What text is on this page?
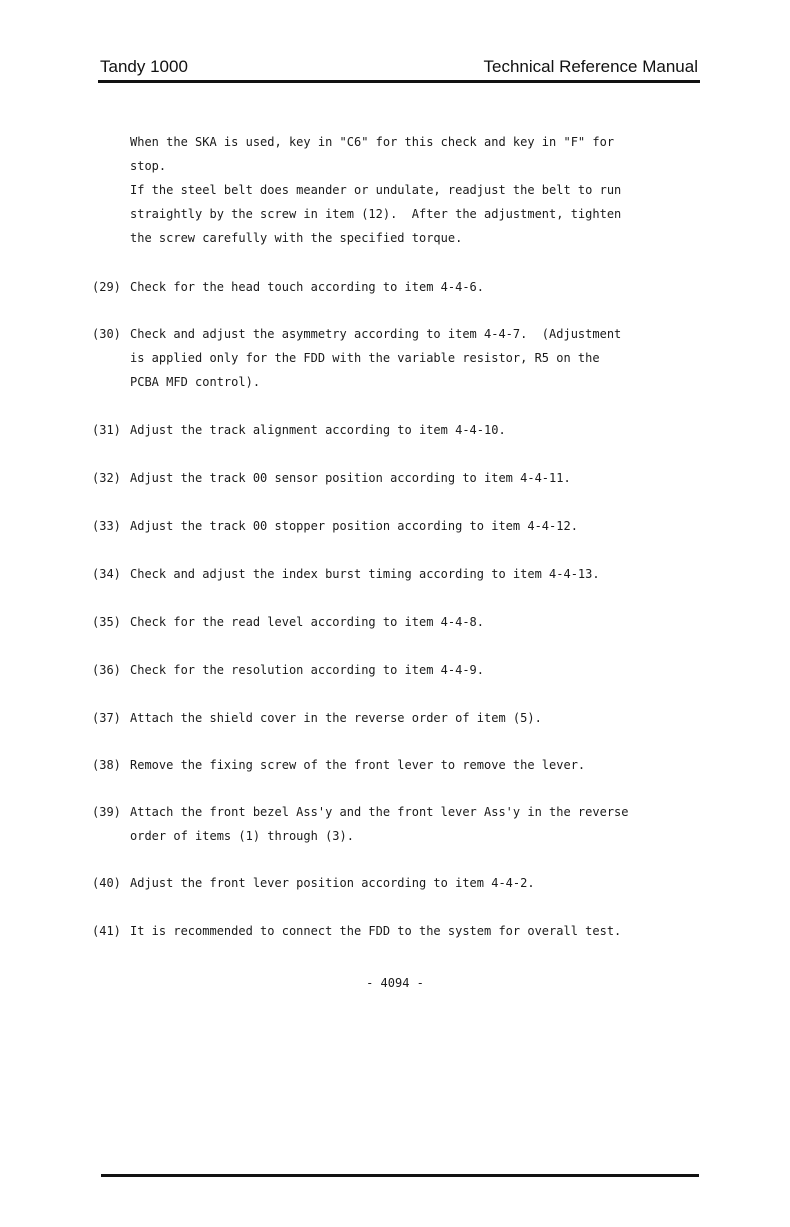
Tandy 1000	Technical Reference Manual
When the SKA is used, key in "C6" for this check and key in "F" for
stop.
If the steel belt does meander or undulate, readjust the belt to run
straightly by the screw in item (12).  After the adjustment, tighten
the screw carefully with the specified torque.
(29) Check for the head touch according to item 4-4-6.
(30) Check and adjust the asymmetry according to item 4-4-7.  (Adjustment
is applied only for the FDD with the variable resistor, R5 on the
PCBA MFD control).
(31) Adjust the track alignment according to item 4-4-10.
(32) Adjust the track 00 sensor position according to item 4-4-11.
(33) Adjust the track 00 stopper position according to item 4-4-12.
(34) Check and adjust the index burst timing according to item 4-4-13.
(35) Check for the read level according to item 4-4-8.
(36) Check for the resolution according to item 4-4-9.
(37) Attach the shield cover in the reverse order of item (5).
(38) Remove the fixing screw of the front lever to remove the lever.
(39) Attach the front bezel Ass'y and the front lever Ass'y in the reverse
order of items (1) through (3).
(40) Adjust the front lever position according to item 4-4-2.
(41) It is recommended to connect the FDD to the system for overall test.
- 4094 -
